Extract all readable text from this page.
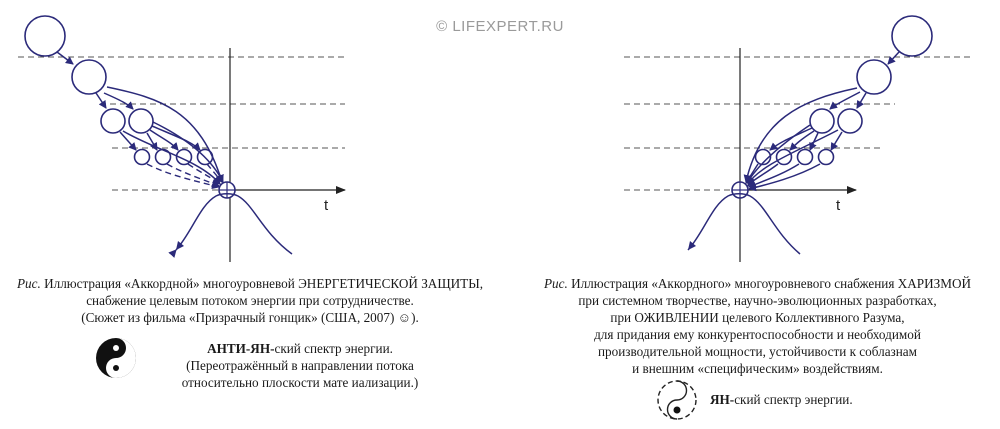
t	t
© LIFEXPERT.RU
Рис. Иллюстрация «Аккордной» многоуровневой ЭНЕРГЕТИЧЕСКОЙ ЗАЩИТЫ,
снабжение целевым потоком энергии при сотрудничестве.
(Сюжет из фильма «Призрачный гонщик» (США, 2007) ☺).
АНТИ-ЯН-ский спектр энергии.
(Переотражённый в направлении потока
относительно плоскости мате иализации.)
Рис. Иллюстрация «Аккордного» многоуровневого снабжения ХАРИЗМОЙ
при системном творчестве, научно-эволюционных разработках,
при ОЖИВЛЕНИИ целевого Коллективного Разума,
для придания ему конкурентоспособности и необходимой
производительной мощности, устойчивости к соблазнам
и внешним «специфическим» воздействиям.
ЯН-ский спектр энергии.
